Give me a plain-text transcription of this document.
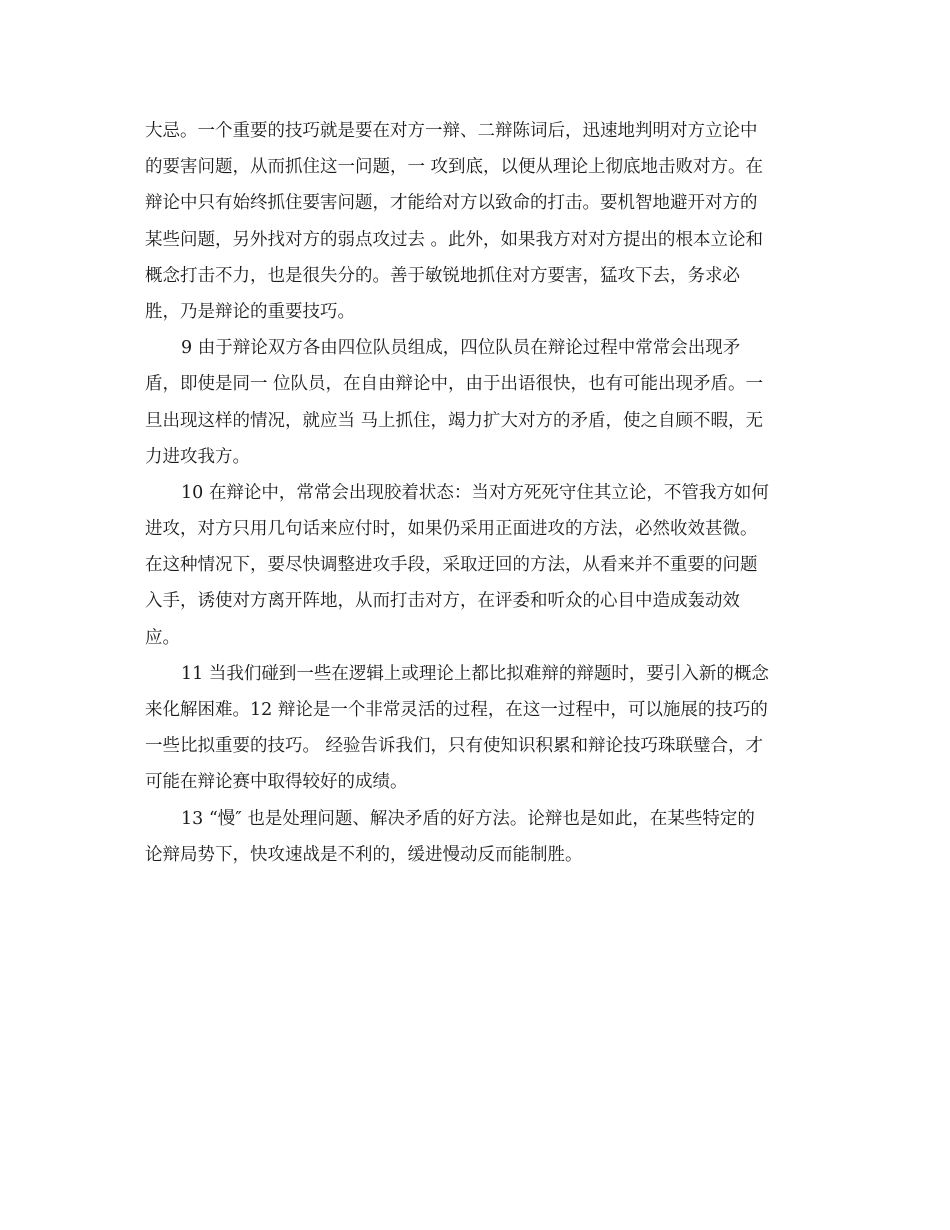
大忌。一个重要的技巧就是要在对方一辩、二辩陈词后，迅速地判明对方立论中
的要害问题，从而抓住这一问题，一 攻到底，以便从理论上彻底地击败对方。在
辩论中只有始终抓住要害问题，才能给对方以致命的打击。要机智地避开对方的
某些问题，另外找对方的弱点攻过去 。此外，如果我方对对方提出的根本立论和
概念打击不力，也是很失分的。善于敏锐地抓住对方要害，猛攻下去，务求必
胜，乃是辩论的重要技巧。
9 由于辩论双方各由四位队员组成，四位队员在辩论过程中常常会出现矛
盾，即使是同一 位队员，在自由辩论中，由于出语很快，也有可能出现矛盾。一
旦出现这样的情况，就应当 马上抓住，竭力扩大对方的矛盾，使之自顾不暇，无
力进攻我方。
10 在辩论中，常常会出现胶着状态：当对方死死守住其立论，不管我方如何
进攻，对方只用几句话来应付时，如果仍采用正面进攻的方法，必然收效甚微。
在这种情况下，要尽快调整进攻手段，采取迂回的方法，从看来并不重要的问题
入手，诱使对方离开阵地，从而打击对方，在评委和听众的心目中造成轰动效
应。
11 当我们碰到一些在逻辑上或理论上都比拟难辩的辩题时，要引入新的概念
来化解困难。12 辩论是一个非常灵活的过程，在这一过程中，可以施展的技巧的
一些比拟重要的技巧。 经验告诉我们，只有使知识积累和辩论技巧珠联璧合，才
可能在辩论赛中取得较好的成绩。
13 “慢″ 也是处理问题、解决矛盾的好方法。论辩也是如此，在某些特定的
论辩局势下，快攻速战是不利的，缓进慢动反而能制胜。
